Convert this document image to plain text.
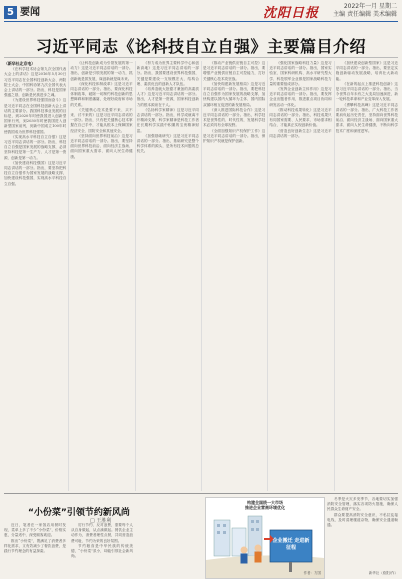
5 要闻	沈阳日报	2022年一月 星期二
主编 责任编辑 美术编辑
习近平同志《论科技自立自强》主要篇目介绍
（新华社北京电）

《在科学技术协会第九次全国代表大会上的讲话》这是2016年5月30日习近平同志在全国科技创新大会、两院院士大会、中国科协第九次全国代表大会上讲话的一部分。指出，科技是国家强盛之基，创新是民族进步之魂。

《为建设世界科技强国而奋斗》这是习近平同志在全国科技创新大会上讲话的主要部分。我国科技事业发展的目标是，到2020年时使我国进入创新型国家行列，到2030年时使我国进入创新型国家前列，到新中国成立100年时使我国成为世界科技强国。

《实现高水平科技自立自强》这是习近平同志讲话的一部分。指出，科技自立自强是国家发展的战略支撑，必须坚持科技是第一生产力、人才是第一资源、创新是第一动力。

《加快建设科技强国》这是习近平同志讲话的一部分。指出，要坚持把科技自立自强作为国家发展的战略支撑，加快建设科技强国，实现高水平科技自立自强。

《让科技创新成为引领发展的第一动力》这是习近平同志讲话的一部分。指出，创新是引领发展的第一动力，抓创新就是抓发展，谋创新就是谋未来。

《深化科技体制改革》这是习近平同志讲话的一部分。指出，要深化科技体制改革，破除一切制约科技创新的思想障碍和制度藩篱，处理好政府和市场的关系。

《关键核心技术是要不来、买不来、讨不来的》这是习近平同志讲话的一部分。指出，只有把关键核心技术掌握在自己手中，才能从根本上保障国家经济安全、国防安全和其他安全。

《坚持面向世界科技前沿》这是习近平同志讲话的一部分。指出，要坚持面向世界科技前沿、面向经济主战场、面向国家重大需求、面向人民生命健康。

《努力成为世界主要科学中心和创新高地》这是习近平同志讲话的一部分。指出，我国要建设世界科技强国，关键是要建设一支规模宏大、结构合理、素质优良的创新人才队伍。

《培养造就大批德才兼备的高素质人才》这是习近平同志讲话的一部分。指出，人才是第一资源，国家科技创新力的根本源泉在于人。

《弘扬科学家精神》这是习近平同志讲话的一部分。指出，科学成就离不开精神支撑，科学家精神是科技工作者在长期科学实践中积累的宝贵精神财富。

《加强基础研究》这是习近平同志讲话的一部分。指出，基础研究是整个科学体系的源头，是所有技术问题的总机关。

《推动产业链供应链自主可控》这是习近平同志讲话的一部分。指出，要增强产业链供应链自主可控能力，打好关键核心技术攻坚战。

《加快构建新发展格局》这是习近平同志讲话的一部分。指出，要把科技自立自强作为国家发展的战略支撑，加快构建以国内大循环为主体、国内国际双循环相互促进的新发展格局。

《深入推进国际科技合作》这是习近平同志讲话的一部分。指出，科学技术是世界性的、时代性的，发展科学技术必须具有全球视野。

《全面加强知识产权保护工作》这是习近平同志讲话的一部分。指出，保护知识产权就是保护创新。

《强化国家战略科技力量》这是习近平同志讲话的一部分。指出，国家实验室、国家科研机构、高水平研究型大学、科技领军企业都是国家战略科技力量的重要组成部分。

《发挥企业创新主体作用》这是习近平同志讲话的一部分。指出，要发挥企业出题者作用，推进重点项目协同和研发活动一体化。

《推动科技成果转化》这是习近平同志讲话的一部分。指出，科技成果只有同国家需要、人民要求、市场需求相结合，才能真正实现创新价值。

《营造良好创新生态》这是习近平同志讲话的一部分。

《加快建设创新型国家》这是习近平同志讲话的一部分。指出，要坚定实施创新驱动发展战略，培育壮大新动能。

《在新的起点上推进科技创新》这是习近平同志讲话的一部分。指出，当今世界百年未有之大变局加速演进，新一轮科技革命和产业变革深入发展。

《勇攀科技高峰》这是习近平同志讲话的一部分。指出，广大科技工作者要肩负起历史责任，坚持面向世界科技前沿、面向经济主战场、面向国家重大需求、面向人民生命健康，不断向科学技术广度和深度进军。

“小份菜”引领节约新风尚
□ 王胜利

近日，笔者在一家饭店用餐时发现，菜单上多了不少“小份菜”，价格实惠，分量适中，深受顾客欢迎。

推出“小份菜”，既满足了消费者多样化需求，又有效减少了餐饮浪费，是践行节约理念的有益探索。

厉行节约、反对浪费，需要每个人从自身做起，从点滴做起。餐饮企业主动作为，消费者理性点餐，共同营造浪费可耻、节约为荣的良好氛围。

节约粮食是中华民族的传统美德，“小份菜”虽小，却能引领社会新风尚。

构建全国统一大市场
推进企业营商环境优化
企业搬迁 走进新征程
作者：方国

冬季是火灾多发季节，各地要切实加强消防安全管理，落实各项防火措施，确保人民群众生命财产安全。

群众要提高消防安全意识，不私拉乱接电线，及时清理楼道杂物，确保安全通道畅通。

新华社（欧阳/作）
